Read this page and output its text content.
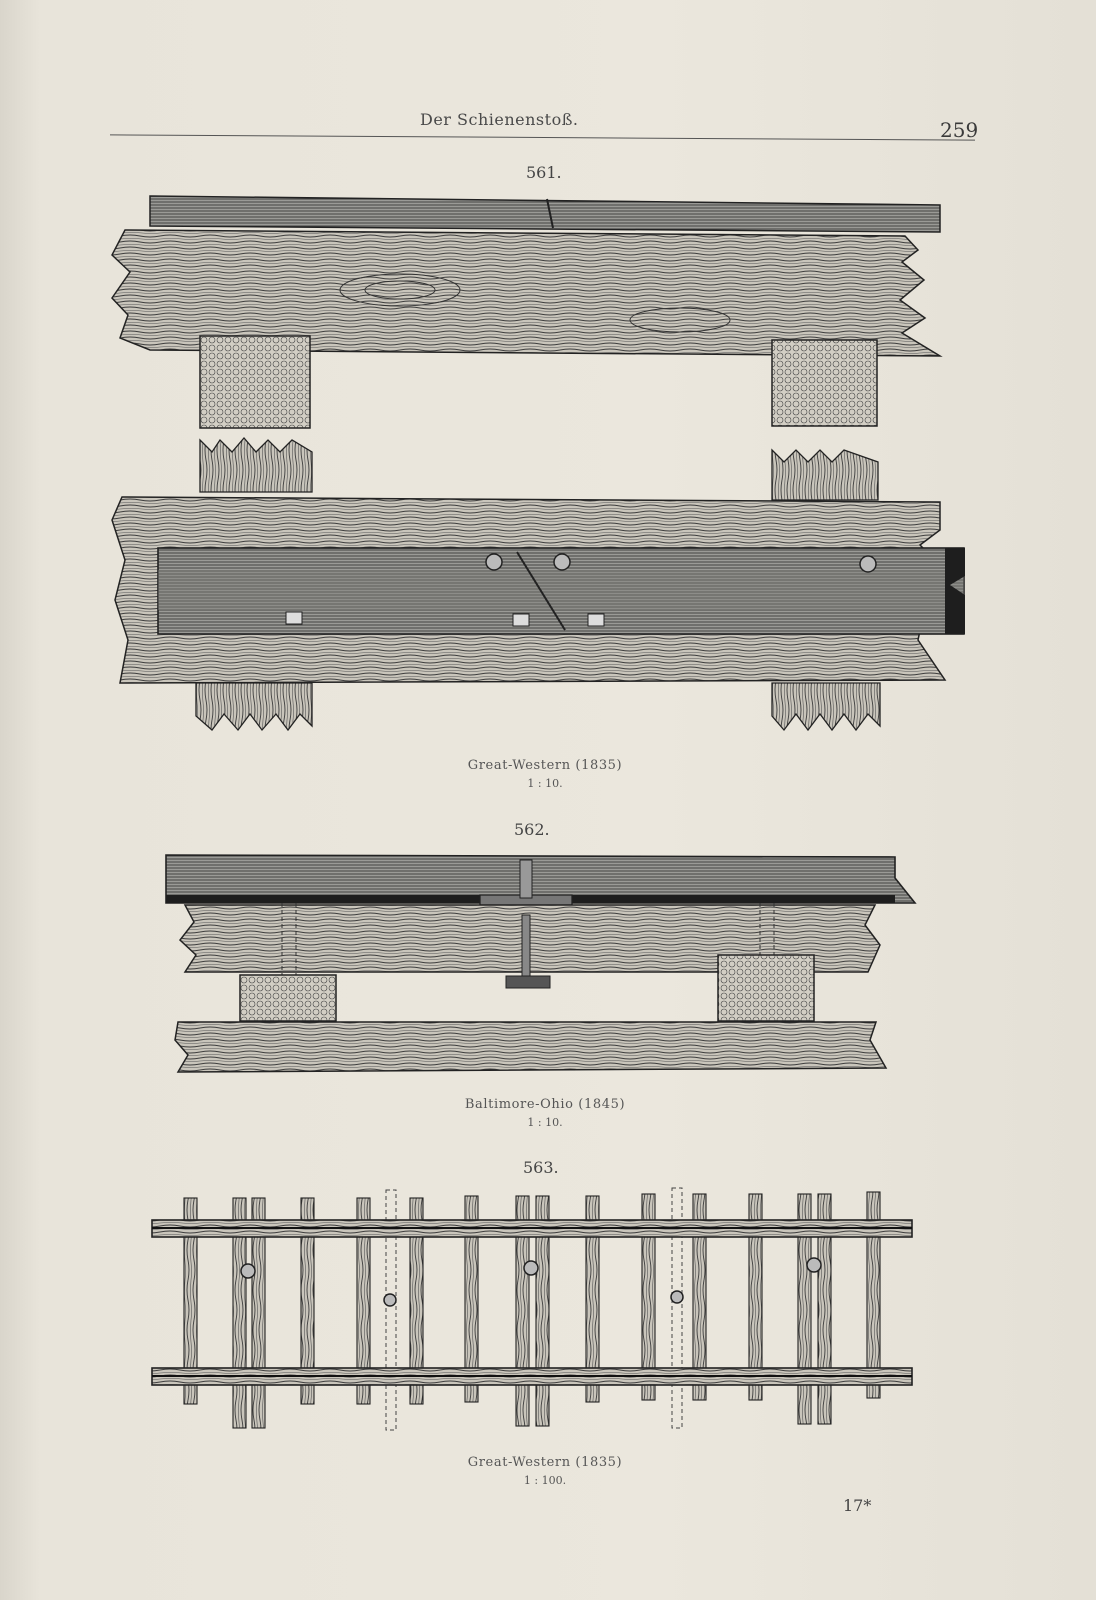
Der Schienenstoß.	259
561.
Great-Western (1835)
1 : 10.
562.
Baltimore-Ohio (1845)
1 : 10.
563.
Great-Western (1835)
1 : 100.
17*
